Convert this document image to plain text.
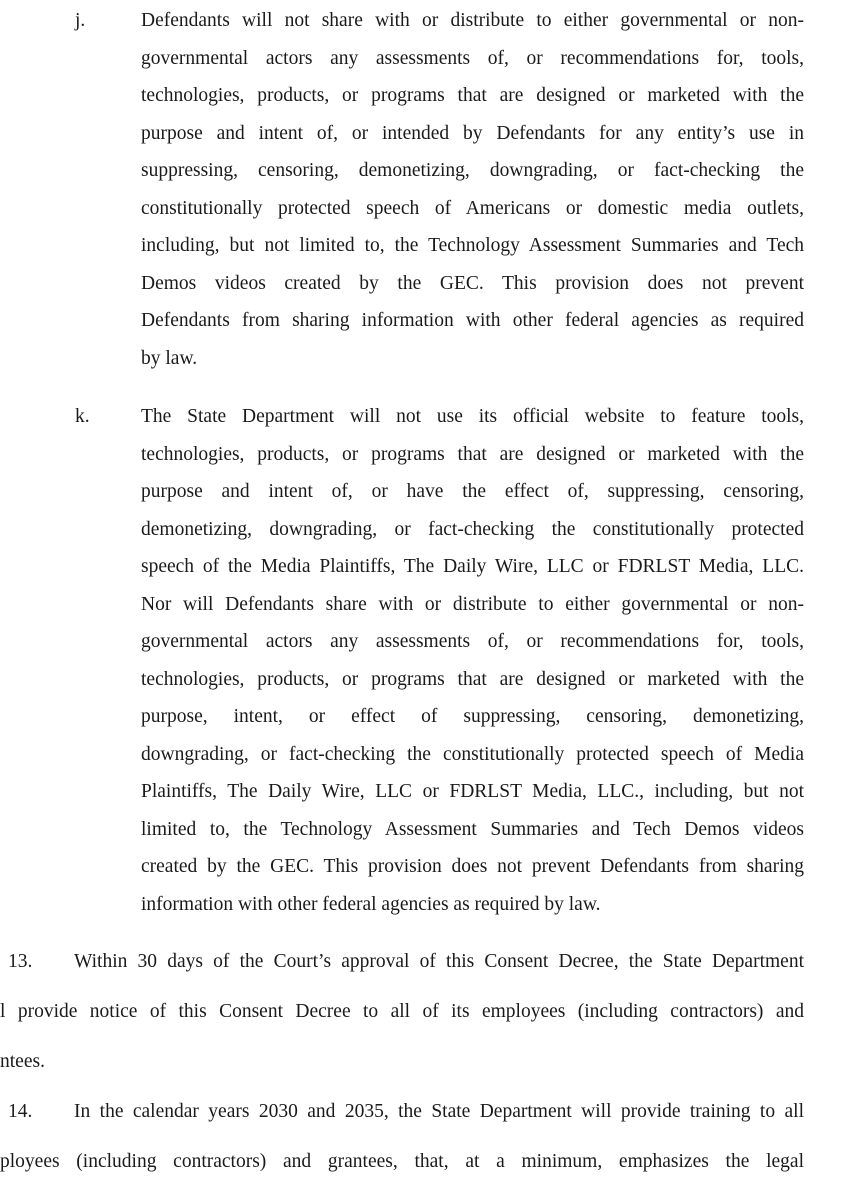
j.	Defendants will not share with or distribute to either governmental or non-
governmental actors any assessments of, or recommendations for, tools,
technologies, products, or programs that are designed or marketed with the
purpose and intent of, or intended by Defendants for any entity’s use in
suppressing, censoring, demonetizing, downgrading, or fact-checking the
constitutionally protected speech of Americans or domestic media outlets,
including, but not limited to, the Technology Assessment Summaries and Tech
Demos videos created by the GEC. This provision does not prevent
Defendants from sharing information with other federal agencies as required
by law.
k.	The State Department will not use its official website to feature tools,
technologies, products, or programs that are designed or marketed with the
purpose and intent of, or have the effect of, suppressing, censoring,
demonetizing, downgrading, or fact-checking the constitutionally protected
speech of the Media Plaintiffs, The Daily Wire, LLC or FDRLST Media, LLC.
Nor will Defendants share with or distribute to either governmental or non-
governmental actors any assessments of, or recommendations for, tools,
technologies, products, or programs that are designed or marketed with the
purpose, intent, or effect of suppressing, censoring, demonetizing,
downgrading, or fact-checking the constitutionally protected speech of Media
Plaintiffs, The Daily Wire, LLC or FDRLST Media, LLC., including, but not
limited to, the Technology Assessment Summaries and Tech Demos videos
created by the GEC. This provision does not prevent Defendants from sharing
information with other federal agencies as required by law.
13. Within 30 days of the Court’s approval of this Consent Decree, the State Department
l provide notice of this Consent Decree to all of its employees (including contractors) and
ntees.
14. In the calendar years 2030 and 2035, the State Department will provide training to all
ployees (including contractors) and grantees, that, at a minimum, emphasizes the legal
